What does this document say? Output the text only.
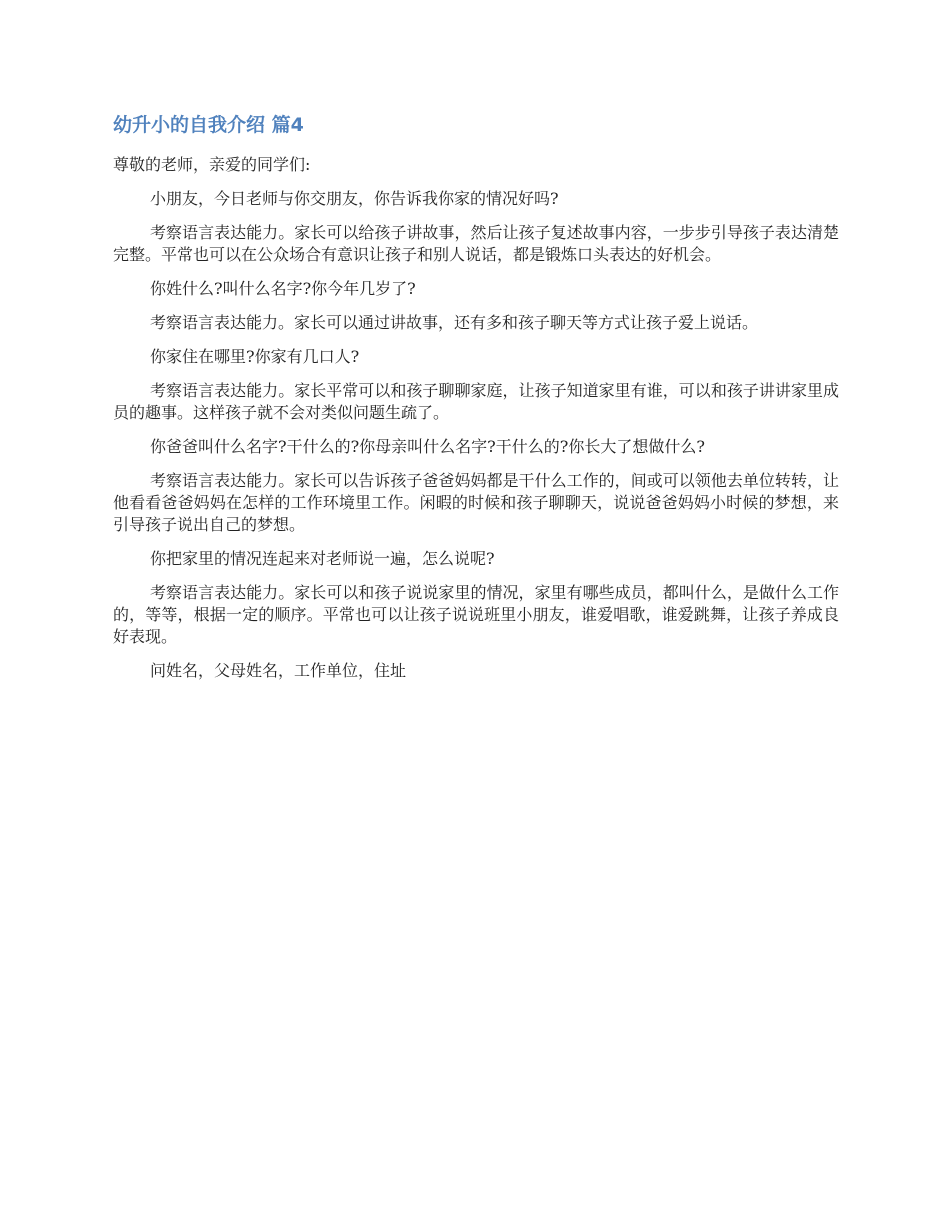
幼升小的自我介绍 篇4

尊敬的老师，亲爱的同学们:

小朋友，今日老师与你交朋友，你告诉我你家的情况好吗?

考察语言表达能力。家长可以给孩子讲故事，然后让孩子复述故事内容，一步步引导孩子表达清楚完整。平常也可以在公众场合有意识让孩子和别人说话，都是锻炼口头表达的好机会。

你姓什么?叫什么名字?你今年几岁了?

考察语言表达能力。家长可以通过讲故事，还有多和孩子聊天等方式让孩子爱上说话。

你家住在哪里?你家有几口人?

考察语言表达能力。家长平常可以和孩子聊聊家庭，让孩子知道家里有谁，可以和孩子讲讲家里成员的趣事。这样孩子就不会对类似问题生疏了。

你爸爸叫什么名字?干什么的?你母亲叫什么名字?干什么的?你长大了想做什么?

考察语言表达能力。家长可以告诉孩子爸爸妈妈都是干什么工作的，间或可以领他去单位转转，让他看看爸爸妈妈在怎样的工作环境里工作。闲暇的时候和孩子聊聊天，说说爸爸妈妈小时候的梦想，来引导孩子说出自己的梦想。

你把家里的情况连起来对老师说一遍，怎么说呢?

考察语言表达能力。家长可以和孩子说说家里的情况，家里有哪些成员，都叫什么，是做什么工作的，等等，根据一定的顺序。平常也可以让孩子说说班里小朋友，谁爱唱歌，谁爱跳舞，让孩子养成良好表现。

问姓名，父母姓名，工作单位，住址
